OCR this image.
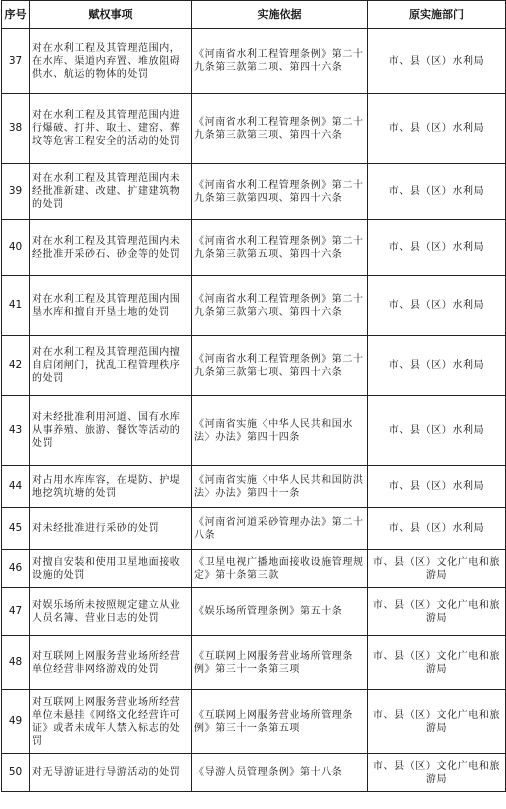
序号	赋权事项	实施依据	原实施部门
37	对在水利工程及其管理范围内，在水库、渠道内弃置、堆放阻碍供水、航运的物体的处罚	《河南省水利工程管理条例》第二十九条第三款第二项、第四十六条	市、县（区）水利局
38	对在水利工程及其管理范围内进行爆破、打井、取土、建窑、葬坟等危害工程安全的活动的处罚	《河南省水利工程管理条例》第二十九条第三款第三项、第四十六条	市、县（区）水利局
39	对在水利工程及其管理范围内未经批准新建、改建、扩建建筑物的处罚	《河南省水利工程管理条例》第二十九条第三款第四项、第四十六条	市、县（区）水利局
40	对在水利工程及其管理范围内未经批准开采砂石、砂金等的处罚	《河南省水利工程管理条例》第二十九条第三款第五项、第四十六条	市、县（区）水利局
41	对在水利工程及其管理范围内围垦水库和擅自开垦土地的处罚	《河南省水利工程管理条例》第二十九条第三款第六项、第四十六条	市、县（区）水利局
42	对在水利工程及其管理范围内擅自启闭闸门，扰乱工程管理秩序的处罚	《河南省水利工程管理条例》第二十九条第三款第七项、第四十六条	市、县（区）水利局
43	对未经批准利用河道、国有水库从事养殖、旅游、餐饮等活动的处罚	《河南省实施〈中华人民共和国水法〉办法》第四十四条	市、县（区）水利局
44	对占用水库库容，在堤防、护堤地挖筑坑塘的处罚	《河南省实施〈中华人民共和国防洪法〉办法》第四十一条	市、县（区）水利局
45	对未经批准进行采砂的处罚	《河南省河道采砂管理办法》第二十八条	市、县（区）水利局
46	对擅自安装和使用卫星地面接收设施的处罚	《卫星电视广播地面接收设施管理规定》第十条第三款	市、县（区）文化广电和旅游局
47	对娱乐场所未按照规定建立从业人员名簿、营业日志的处罚	《娱乐场所管理条例》第五十条	市、县（区）文化广电和旅游局
48	对互联网上网服务营业场所经营单位经营非网络游戏的处罚	《互联网上网服务营业场所管理条例》第三十一条第三项	市、县（区）文化广电和旅游局
49	对互联网上网服务营业场所经营单位未悬挂《网络文化经营许可证》或者未成年人禁入标志的处罚	《互联网上网服务营业场所管理条例》第三十一条第五项	市、县（区）文化广电和旅游局
50	对无导游证进行导游活动的处罚	《导游人员管理条例》第十八条	市、县（区）文化广电和旅游局
